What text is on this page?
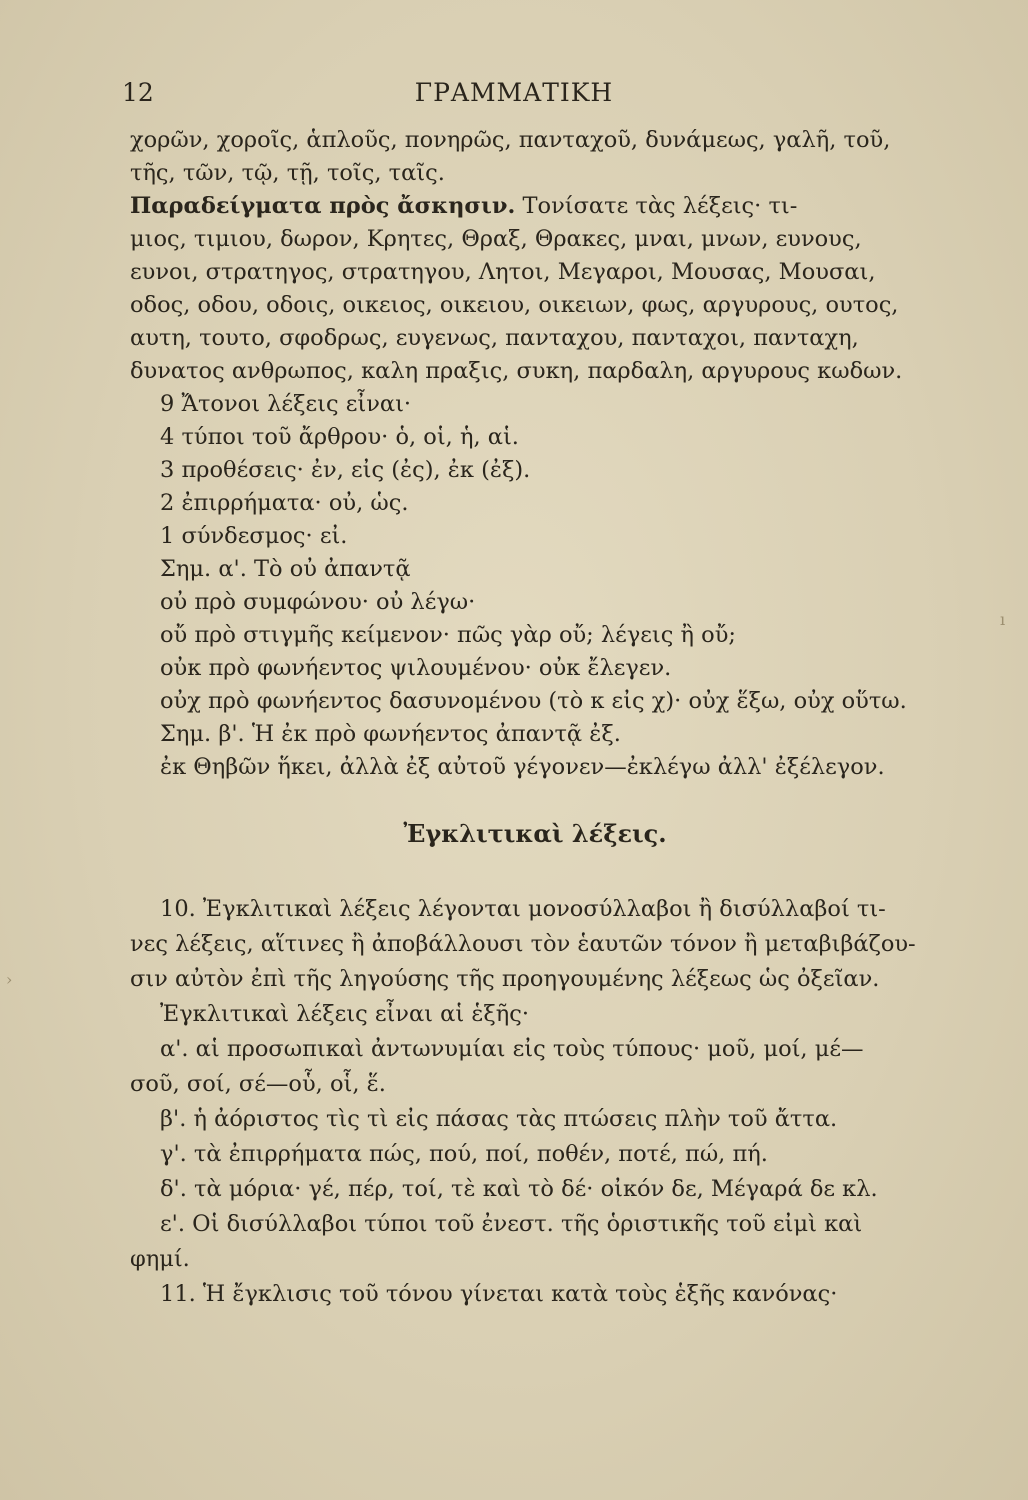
12	ΓΡΑΜΜΑΤΙΚΗ
χορῶν, χοροῖς, ἁπλοῦς, πονηρῶς, πανταχοῦ, δυνάμεως, γαλῆ, τοῦ,
τῆς, τῶν, τῷ, τῇ, τοῖς, ταῖς.
Παραδείγματα πρὸς ἄσκησιν. Τονίσατε τὰς λέξεις· τι-
μιος, τιμιου, δωρον, Κρητες, Θραξ, Θρακες, μναι, μνων, ευνους,
ευνοι, στρατηγος, στρατηγου, Λητοι, Μεγαροι, Μουσας, Μουσαι,
οδος, οδου, οδοις, οικειος, οικειου, οικειων, φως, αργυρους, ουτος,
αυτη, τουτο, σφοδρως, ευγενως, πανταχου, πανταχοι, πανταχη,
δυνατος ανθρωπος, καλη πραξις, συκη, παρδαλη, αργυρους κωδων.
9 Ἄτονοι λέξεις εἶναι·
4 τύποι τοῦ ἄρθρου· ὁ, οἱ, ἡ, αἱ.
3 προθέσεις· ἐν, εἰς (ἐς), ἐκ (ἐξ).
2 ἐπιρρήματα· οὐ, ὡς.
1 σύνδεσμος· εἰ.
Σημ. α'. Τὸ οὐ ἀπαντᾷ
οὐ πρὸ συμφώνου· οὐ λέγω·
οὔ πρὸ στιγμῆς κείμενον· πῶς γὰρ οὔ; λέγεις ἢ οὔ;
οὐκ πρὸ φωνήεντος ψιλουμένου· οὐκ ἔλεγεν.
οὐχ πρὸ φωνήεντος δασυνομένου (τὸ κ εἰς χ)· οὐχ ἕξω, οὐχ οὕτω.
Σημ. β'. Ἡ ἐκ πρὸ φωνήεντος ἀπαντᾷ ἐξ.
ἐκ Θηβῶν ἥκει, ἀλλὰ ἐξ αὐτοῦ γέγονεν—ἐκλέγω ἀλλ' ἐξέλεγον.
Ἐγκλιτικαὶ λέξεις.
10. Ἐγκλιτικαὶ λέξεις λέγονται μονοσύλλαβοι ἢ δισύλλαβοί τι-
νες λέξεις, αἵτινες ἢ ἀποβάλλουσι τὸν ἑαυτῶν τόνον ἢ μεταβιβάζου-
σιν αὐτὸν ἐπὶ τῆς ληγούσης τῆς προηγουμένης λέξεως ὡς ὀξεῖαν.
Ἐγκλιτικαὶ λέξεις εἶναι αἱ ἑξῆς·
α'. αἱ προσωπικαὶ ἀντωνυμίαι εἰς τοὺς τύπους· μοῦ, μοί, μέ—
σοῦ, σοί, σέ—οὗ, οἷ, ἕ.
β'. ἡ ἀόριστος τὶς τὶ εἰς πάσας τὰς πτώσεις πλὴν τοῦ ἄττα.
γ'. τὰ ἐπιρρήματα πώς, πού, ποί, ποθέν, ποτέ, πώ, πή.
δ'. τὰ μόρια· γέ, πέρ, τοί, τὲ καὶ τὸ δέ· οἰκόν δε, Μέγαρά δε κλ.
ε'. Οἱ δισύλλαβοι τύποι τοῦ ἐνεστ. τῆς ὁριστικῆς τοῦ εἰμὶ καὶ
φημί.
11. Ἡ ἔγκλισις τοῦ τόνου γίνεται κατὰ τοὺς ἑξῆς κανόνας·
ı
›
